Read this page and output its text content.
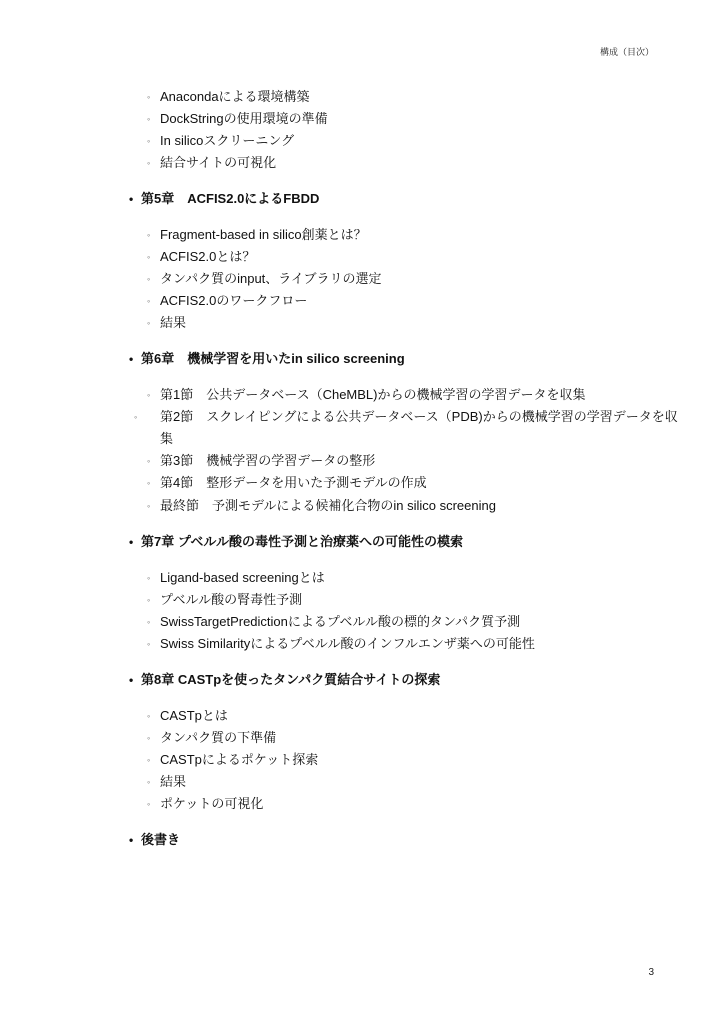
構成（目次）
◦ Anacondaによる環境構築
◦ DockStringの使用環境の準備
◦ In silicoスクリーニング
◦ 結合サイトの可視化
• 第5章　ACFIS2.0によるFBDD
◦ Fragment-based in silico創薬とは？
◦ ACFIS2.0とは？
◦ タンパク質のinput、ライブラリの選定
◦ ACFIS2.0のワークフロー
◦ 結果
• 第6章　機械学習を用いたin silico screening
◦ 第1節　公共データベース（CheMBL)からの機械学習の学習データを収集
◦ 第2節　スクレイピングによる公共データベース（PDB)からの機械学習の学習データを収集
◦ 第3節　機械学習の学習データの整形
◦ 第4節　整形データを用いた予測モデルの作成
◦ 最終節　予測モデルによる候補化合物のin silico screening
• 第7章 プベルル酸の毒性予測と治療薬への可能性の模索
◦ Ligand-based screeningとは
◦ プベルル酸の腎毒性予測
◦ SwissTargetPredictionによるプベルル酸の標的タンパク質予測
◦ Swiss Similarityによるプベルル酸のインフルエンザ薬への可能性
• 第8章 CASTpを使ったタンパク質結合サイトの探索
◦ CASTpとは
◦ タンパク質の下準備
◦ CASTpによるポケット探索
◦ 結果
◦ ポケットの可視化
• 後書き
3
